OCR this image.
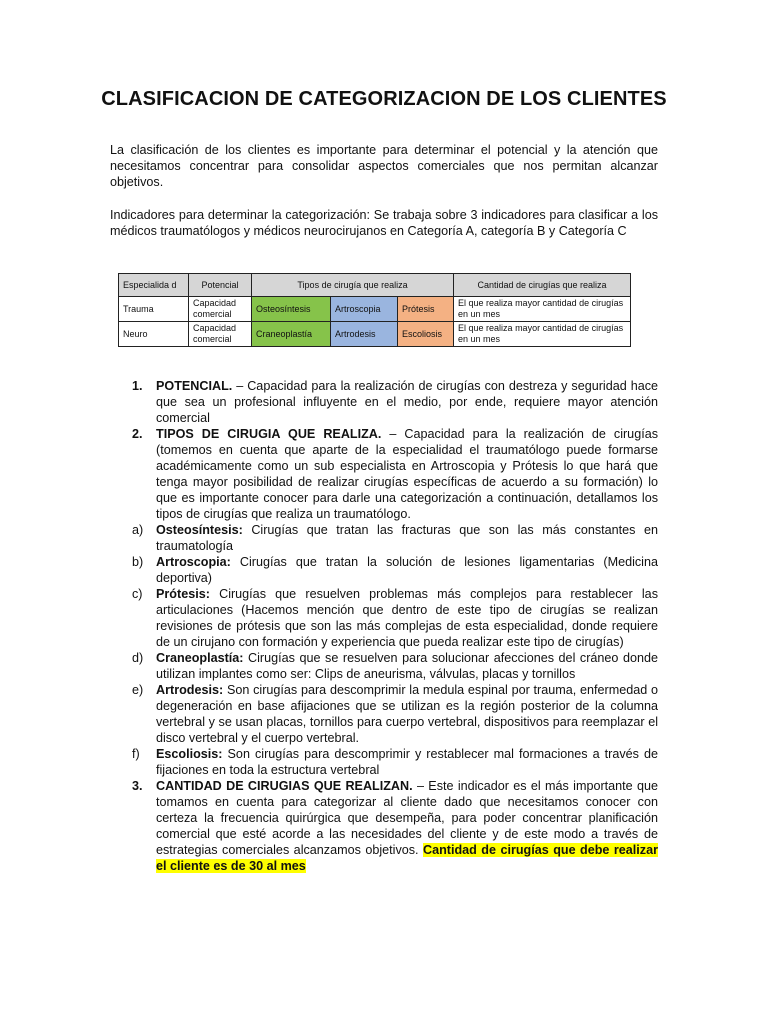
CLASIFICACION DE CATEGORIZACION DE LOS CLIENTES
La clasificación de los clientes es importante para determinar el potencial y la atención que necesitamos concentrar para consolidar aspectos comerciales que nos permitan alcanzar objetivos.
Indicadores para determinar la categorización: Se trabaja sobre 3 indicadores para clasificar a los médicos traumatólogos y médicos neurocirujanos en Categoría A, categoría B y Categoría C
Especialida d	Potencial	Tipos de cirugía que realiza			Cantidad de cirugías que realiza
Trauma	Capacidad comercial	Osteosíntesis	Artroscopia	Prótesis	El que realiza mayor cantidad de cirugías en un mes
Neuro	Capacidad comercial	Craneoplastía	Artrodesis	Escoliosis	El que realiza mayor cantidad de cirugías en un mes
1. POTENCIAL. – Capacidad para la realización de cirugías con destreza y seguridad hace que sea un profesional influyente en el medio, por ende, requiere mayor atención comercial
2. TIPOS DE CIRUGIA QUE REALIZA. – Capacidad para la realización de cirugías (tomemos en cuenta que aparte de la especialidad el traumatólogo puede formarse académicamente como un sub especialista en Artroscopia y Prótesis lo que hará que tenga mayor posibilidad de realizar cirugías específicas de acuerdo a su formación) lo que es importante conocer para darle una categorización a continuación, detallamos los tipos de cirugías que realiza un traumatólogo.
a) Osteosíntesis: Cirugías que tratan las fracturas que son las más constantes en traumatología
b) Artroscopia: Cirugías que tratan la solución de lesiones ligamentarias (Medicina deportiva)
c) Prótesis: Cirugías que resuelven problemas más complejos para restablecer las articulaciones (Hacemos mención que dentro de este tipo de cirugías se realizan revisiones de prótesis que son las más complejas de esta especialidad, donde requiere de un cirujano con formación y experiencia que pueda realizar este tipo de cirugías)
d) Craneoplastía: Cirugías que se resuelven para solucionar afecciones del cráneo donde utilizan implantes como ser: Clips de aneurisma, válvulas, placas y tornillos
e) Artrodesis: Son cirugías para descomprimir la medula espinal por trauma, enfermedad o degeneración en base afijaciones que se utilizan es la región posterior de la columna vertebral y se usan placas, tornillos para cuerpo vertebral, dispositivos para reemplazar el disco vertebral y el cuerpo vertebral.
f) Escoliosis: Son cirugías para descomprimir y restablecer mal formaciones a través de fijaciones en toda la estructura vertebral
3. CANTIDAD DE CIRUGIAS QUE REALIZAN. – Este indicador es el más importante que tomamos en cuenta para categorizar al cliente dado que necesitamos conocer con certeza la frecuencia quirúrgica que desempeña, para poder concentrar planificación comercial que esté acorde a las necesidades del cliente y de este modo a través de estrategias comerciales alcanzamos objetivos. Cantidad de cirugías que debe realizar el cliente es de 30 al mes
